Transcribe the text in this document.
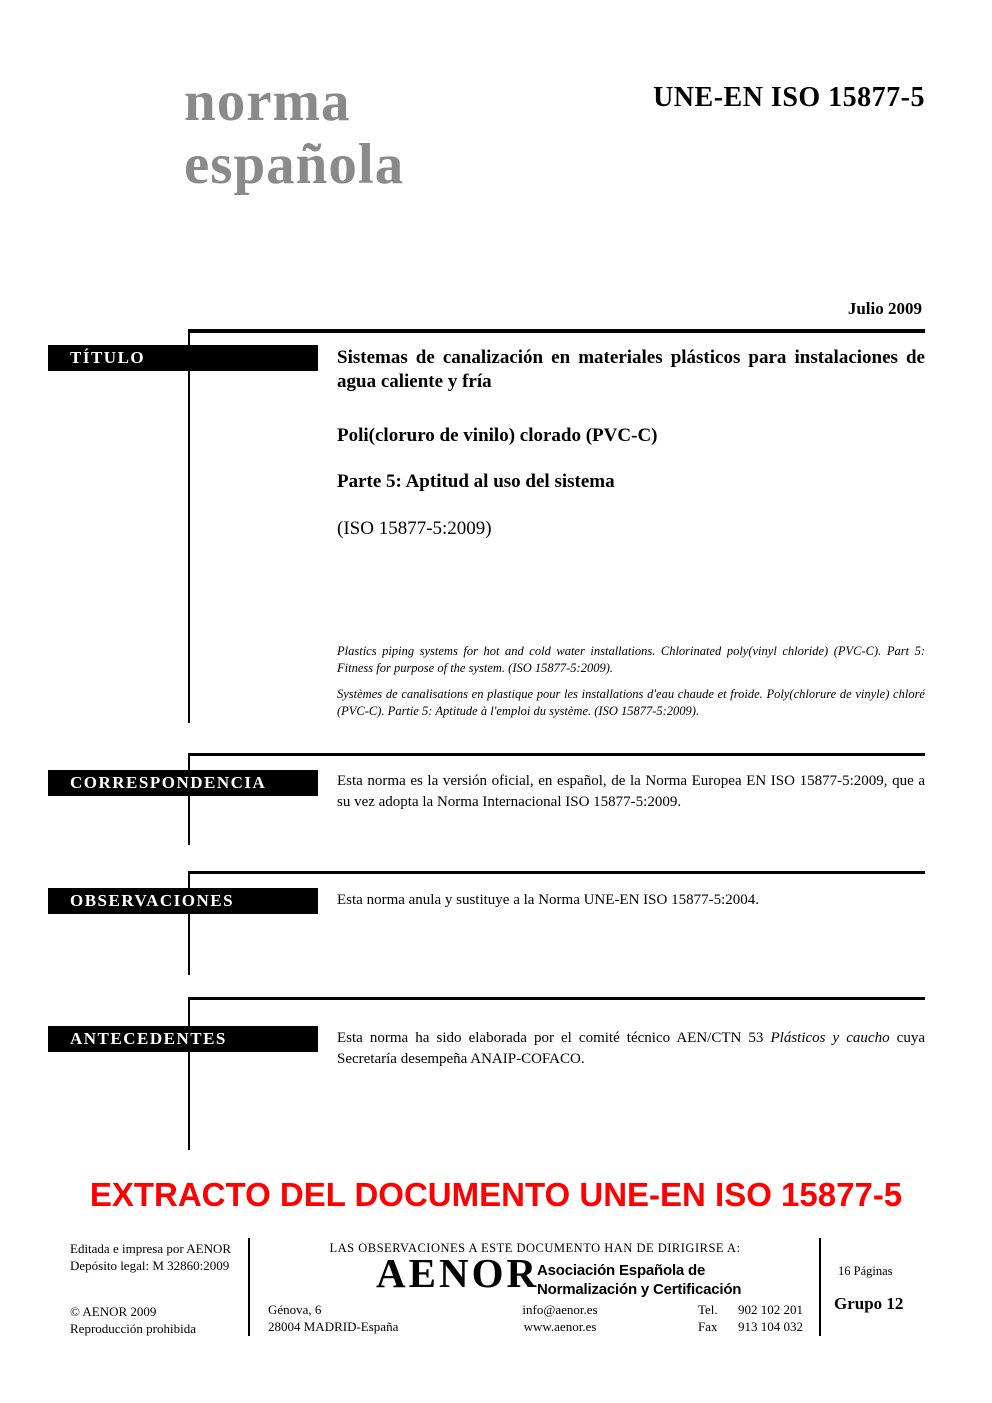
norma
española
UNE-EN ISO 15877-5
Julio 2009
TÍTULO	Sistemas de canalización en materiales plásticos para instalaciones de agua caliente y fría
Poli(cloruro de vinilo) clorado (PVC-C)
Parte 5: Aptitud al uso del sistema
(ISO 15877-5:2009)
Plastics piping systems for hot and cold water installations. Chlorinated poly(vinyl chloride) (PVC-C). Part 5: Fitness for purpose of the system. (ISO 15877-5:2009).
Systèmes de canalisations en plastique pour les installations d'eau chaude et froide. Poly(chlorure de vinyle) chloré (PVC-C). Partie 5: Aptitude à l'emploi du système. (ISO 15877-5:2009).
CORRESPONDENCIA	Esta norma es la versión oficial, en español, de la Norma Europea EN ISO 15877-5:2009, que a su vez adopta la Norma Internacional ISO 15877-5:2009.
OBSERVACIONES	Esta norma anula y sustituye a la Norma UNE-EN ISO 15877-5:2004.
ANTECEDENTES	Esta norma ha sido elaborada por el comité técnico AEN/CTN 53 Plásticos y caucho cuya Secretaría desempeña ANAIP-COFACO.
EXTRACTO DEL DOCUMENTO UNE-EN ISO 15877-5
Editada e impresa por AENOR
Depósito legal: M 32860:2009
© AENOR 2009
Reproducción prohibida
LAS OBSERVACIONES A ESTE DOCUMENTO HAN DE DIRIGIRSE A:
AENOR
Asociación Española de
Normalización y Certificación
Génova, 6
28004 MADRID-España
info@aenor.es
www.aenor.es
Tel. 902 102 201
Fax 913 104 032
16 Páginas
Grupo 12
